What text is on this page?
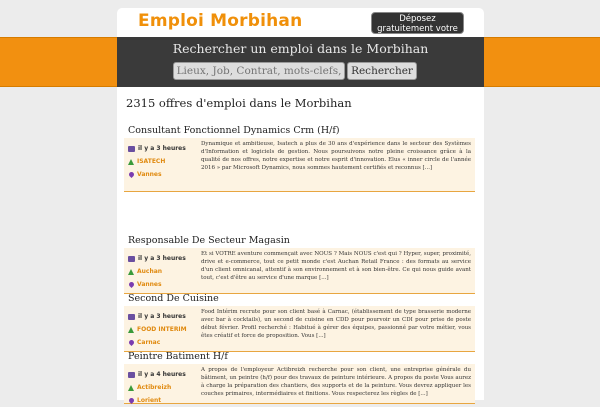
Emploi Morbihan	Déposez gratuitement votre
Rechercher un emploi dans le Morbihan
Lieux, Job, Contrat, mots-clefs,
Rechercher
2315 offres d'emploi dans le Morbihan
Consultant Fonctionnel Dynamics Crm (H/f)
il y a 3 heures
ISATECH
Vannes
Dynamique et ambitieuse, Isatech a plus de 30 ans d'expérience dans le secteur des Systèmes d'Information et logiciels de gestion. Nous poursuivons notre pleine croissance grâce à la qualité de nos offres, notre expertise et notre esprit d'innovation. Elus « inner circle de l'année 2016 » par Microsoft Dynamics, nous sommes hautement certifiés et reconnus [...]
Responsable De Secteur Magasin
il y a 3 heures
Auchan
Vannes
Et si VOTRE aventure commençait avec NOUS ? Mais NOUS c'est qui ? Hyper, super, proximité, drive et e-commerce, tout ce petit monde c'est Auchan Retail France : des formats au service d'un client omnicanal, attentif à son environnement et à son bien-être. Ce qui nous guide avant tout, c'est d'être au service d'une marque [...]
Second De Cuisine
il y a 3 heures
FOOD INTERIM
Carnac
Food Intérim recrute pour son client basé à Carnac, (établissement de type brasserie moderne avec bar à cocktails), un second de cuisine en CDD pour pourvoir un CDI pour prise de poste début février. Profil recherché : Habitué à gérer des équipes, passionné par votre métier, vous êtes créatif et force de proposition. Vous [...]
Peintre Batiment H/f
il y a 4 heures
Actibreizh
Lorient
A propos de l'employeur Actibreizh recherche pour son client, une entreprise générale du bâtiment, un peintre (h/f) pour des travaux de peinture intérieure. A propos du poste Vous aurez à charge la préparation des chantiers, des supports et de la peinture. Vous devrez appliquer les couches primaires, intermédiaires et finitions. Vous respecterez les règles de [...]
